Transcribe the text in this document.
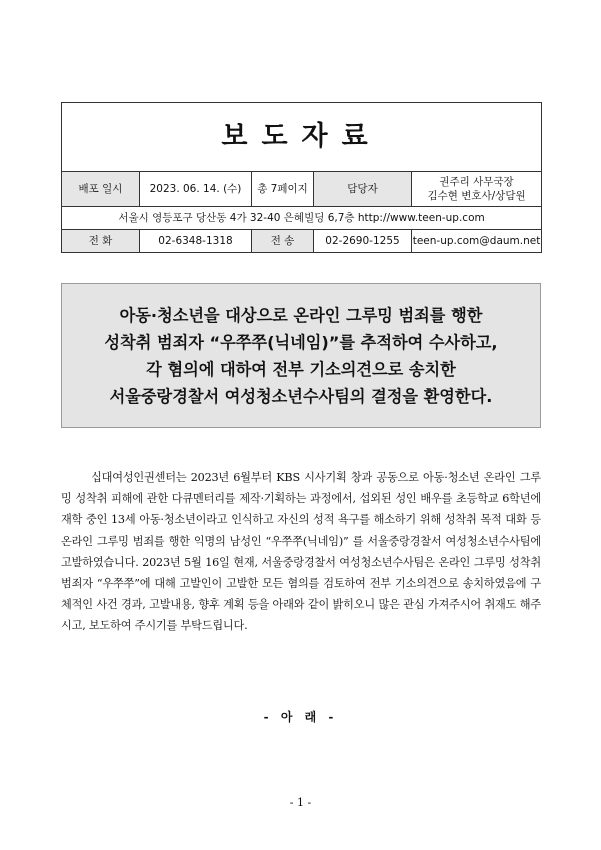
보도자료				
배포 일시	2023. 06. 14. (수)	총 7페이지	담당자	권주리 사무국장
김수현 변호사/상담원

서울시 영등포구 당산동 4가 32-40 은혜빌딩 6,7층 http://www.teen-up.com				
전 화	02-6348-1318	전 송	02-2690-1255	teen-up.com@daum.net
아동·청소년을 대상으로 온라인 그루밍 범죄를 행한
성착취 범죄자 “우쭈쭈(닉네임)”를 추적하여 수사하고,
각 혐의에 대하여 전부 기소의견으로 송치한
서울중랑경찰서 여성청소년수사팀의 결정을 환영한다.

십대여성인권센터는 2023년 6월부터 KBS 시사기획 창과 공동으로 아동·청소년 온라인 그루밍 성착취 피해에 관한 다큐멘터리를 제작·기획하는 과정에서, 섭외된 성인 배우를 초등학교 6학년에 재학 중인 13세 아동·청소년이라고 인식하고 자신의 성적 욕구를 해소하기 위해 성착취 목적 대화 등 온라인 그루밍 범죄를 행한 익명의 남성인 “우쭈쭈(닉네임)” 를 서울중랑경찰서 여성청소년수사팀에 고발하였습니다. 2023년 5월 16일 현재, 서울중랑경찰서 여성청소년수사팀은 온라인 그루밍 성착취 범죄자 “우쭈쭈”에 대해 고발인이 고발한 모든 혐의를 검토하여 전부 기소의견으로 송치하였음에 구체적인 사건 경과, 고발내용, 향후 계획 등을 아래와 같이 밝히오니 많은 관심 가져주시어 취재도 해주시고, 보도하여 주시기를 부탁드립니다.

- 아 래 -
- 1 -
